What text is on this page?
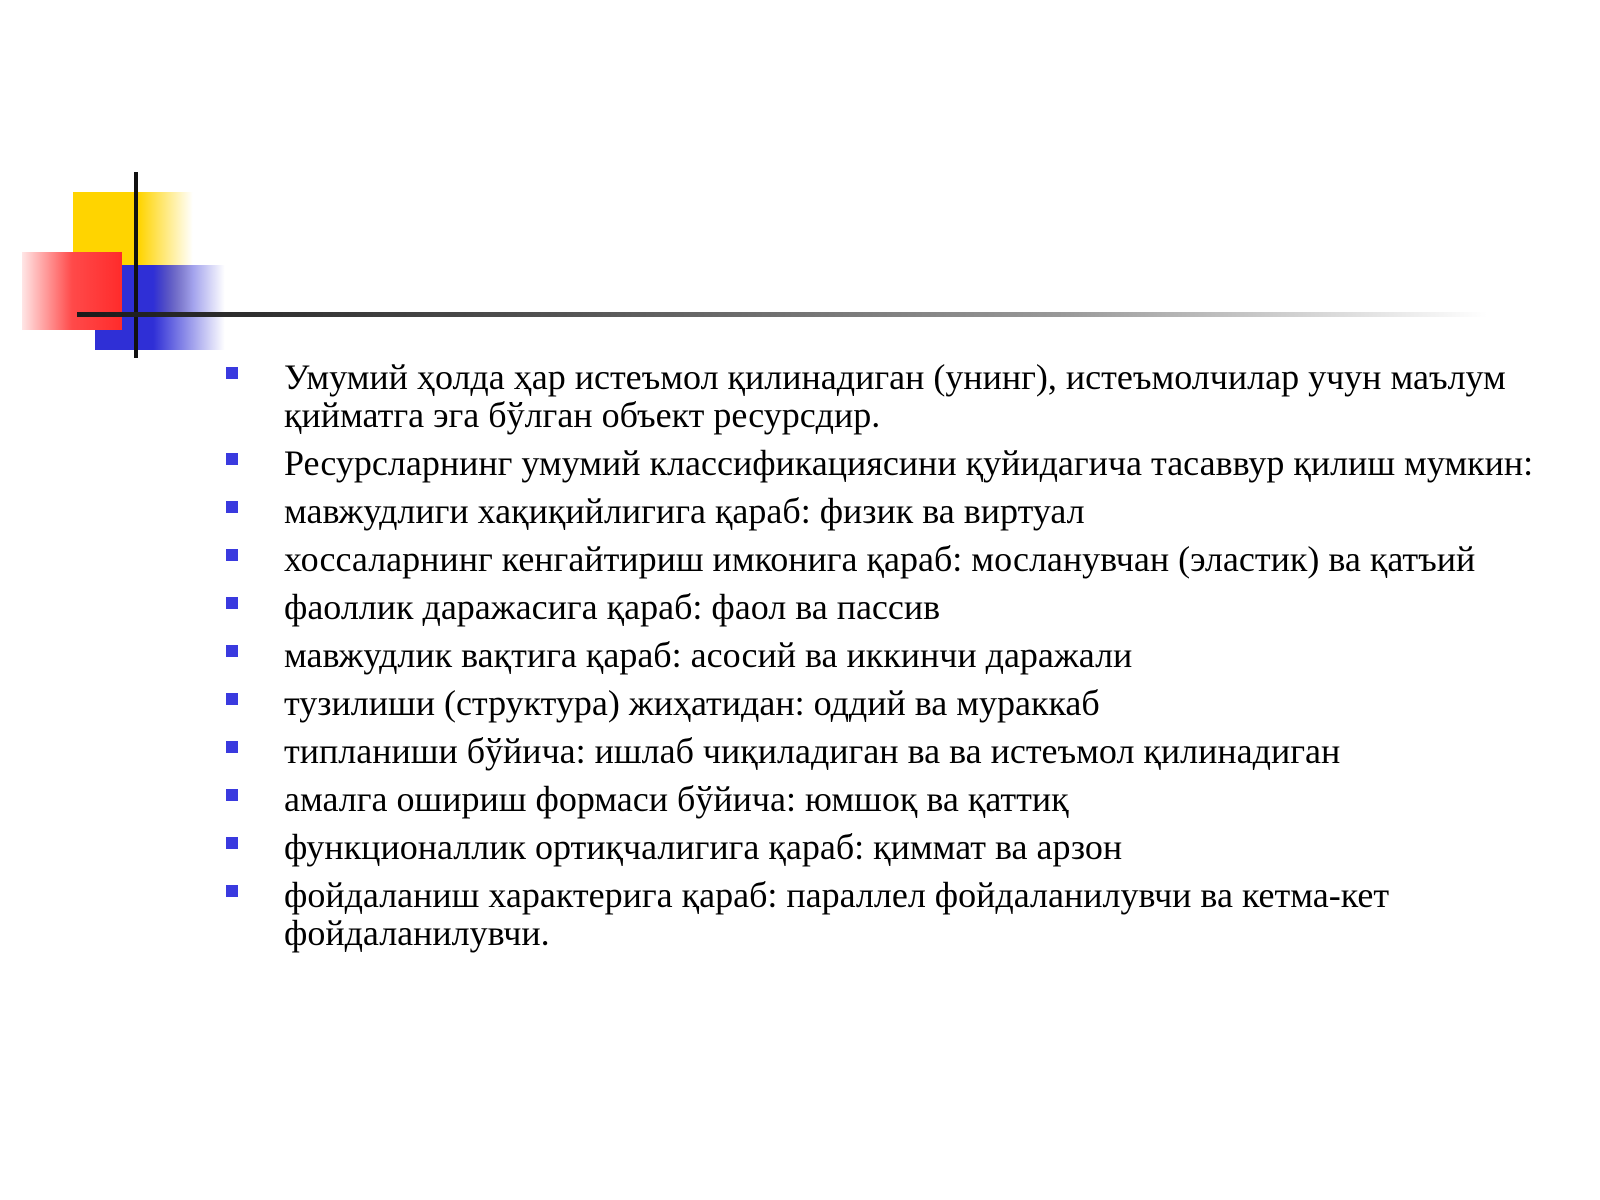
Умумий ҳолда ҳар истеъмол қилинадиган (унинг), истеъмолчилар учун маълум қийматга эга бўлган объект ресурсдир.
Ресурсларнинг умумий классификациясини қуйидагича тасаввур қилиш мумкин:
мавжудлиги хақиқийлигига қараб: физик ва виртуал
хоссаларнинг кенгайтириш имконига қараб: мосланувчан (эластик) ва қатъий
фаоллик даражасига қараб: фаол ва пассив
мавжудлик вақтига қараб: асосий ва иккинчи даражали
тузилиши (структура) жиҳатидан: оддий ва мураккаб
типланиши бўйича: ишлаб чиқиладиган ва ва истеъмол қилинадиган
амалга ошириш формаси бўйича: юмшоқ ва қаттиқ
функционаллик ортиқчалигига қараб: қиммат ва арзон
фойдаланиш характерига қараб: параллел фойдаланилувчи ва кетма-кет фойдаланилувчи.
